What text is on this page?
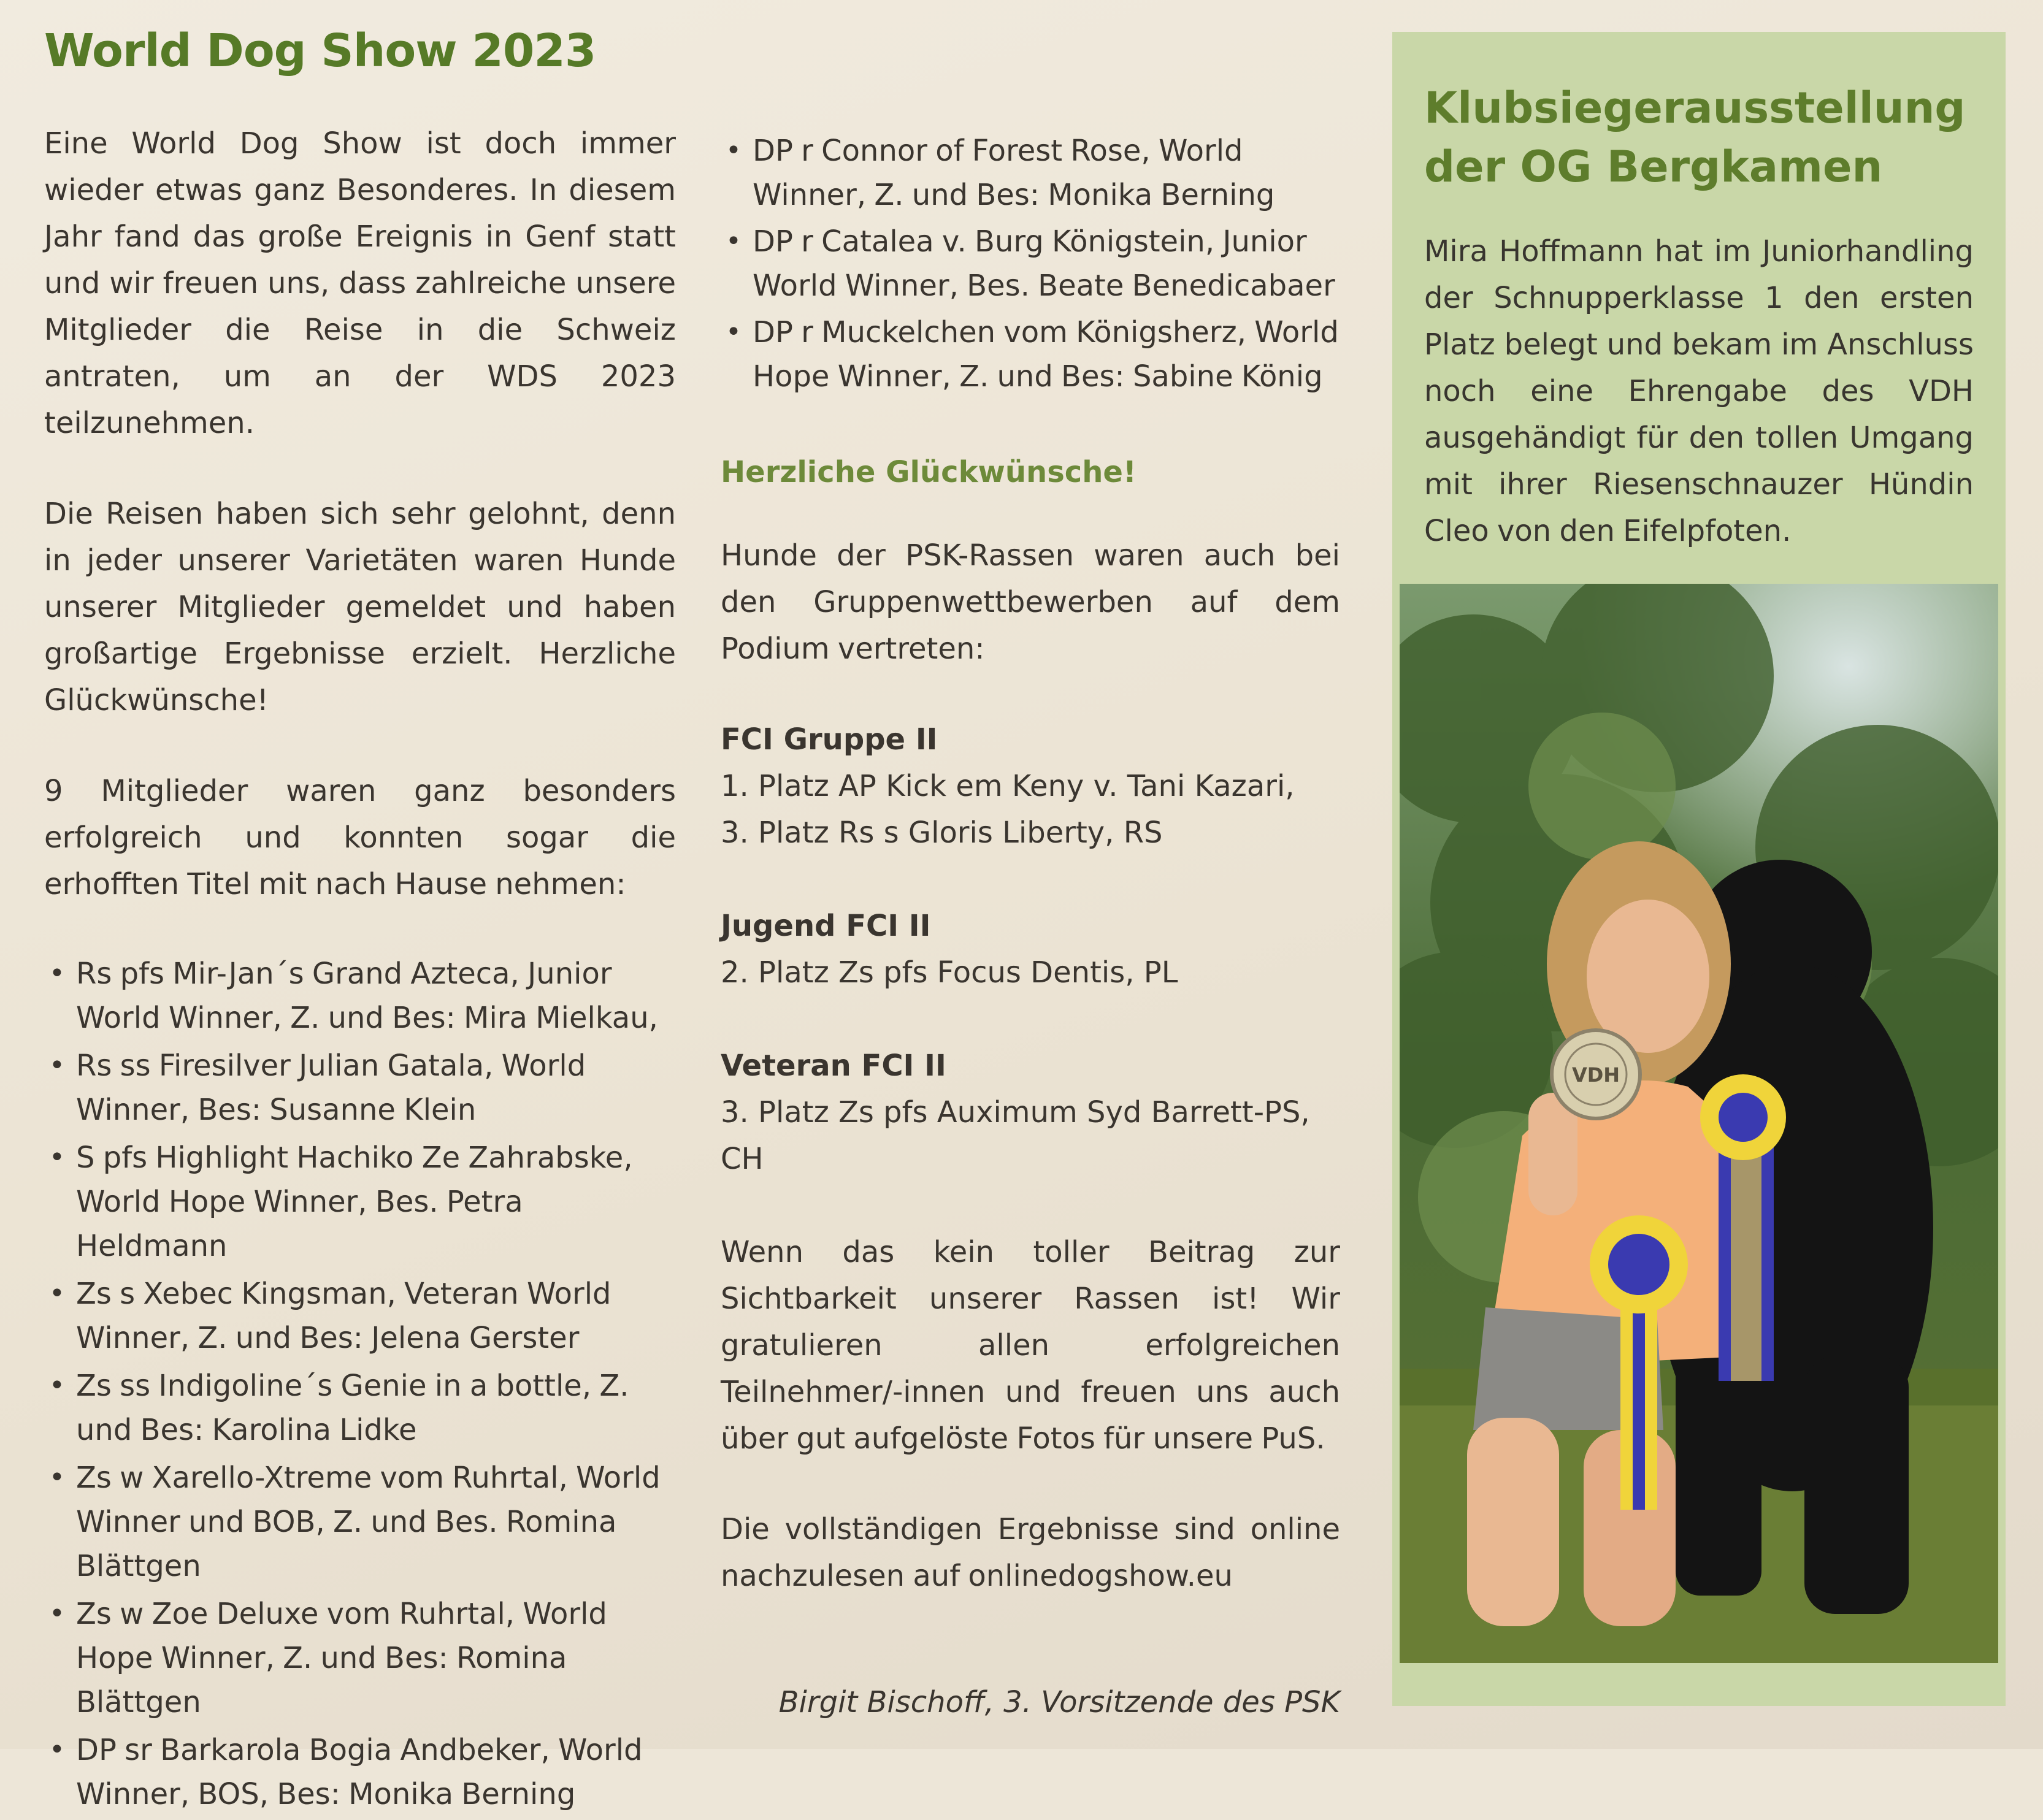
World Dog Show 2023

Eine World Dog Show ist doch immer wieder etwas ganz Besonderes. In diesem Jahr fand das große Ereignis in Genf statt und wir freuen uns, dass zahlreiche unsere Mitglieder die Reise in die Schweiz antraten, um an der WDS 2023 teilzunehmen.

Die Reisen haben sich sehr gelohnt, denn in jeder unserer Varietäten waren Hunde unserer Mitglieder gemeldet und haben großartige Ergebnisse erzielt. Herzliche Glückwünsche!

9 Mitglieder waren ganz besonders erfolgreich und konnten sogar die erhofften Titel mit nach Hause nehmen:

• Rs pfs Mir-Jan´s Grand Azteca, Junior World Winner, Z. und Bes: Mira Mielkau,
• Rs ss Firesilver Julian Gatala, World Winner, Bes: Susanne Klein
• S pfs Highlight Hachiko Ze Zahrabske, World Hope Winner, Bes. Petra Heldmann
• Zs s Xebec Kingsman, Veteran World Winner, Z. und Bes: Jelena Gerster
• Zs ss Indigoline´s Genie in a bottle, Z. und Bes: Karolina Lidke
• Zs w Xarello-Xtreme vom Ruhrtal, World Winner und BOB, Z. und Bes. Romina Blättgen
• Zs w Zoe Deluxe vom Ruhrtal, World Hope Winner, Z. und Bes: Romina Blättgen
• DP sr Barkarola Bogia Andbeker, World Winner, BOS, Bes: Monika Berning
• DP r Connor of Forest Rose, World Winner, Z. und Bes: Monika Berning
• DP r Catalea v. Burg Königstein, Junior World Winner, Bes. Beate Benedicabaer
• DP r Muckelchen vom Königsherz, World Hope Winner, Z. und Bes: Sabine König
Herzliche Glückwünsche!

Hunde der PSK-Rassen waren auch bei den Gruppenwettbewerben auf dem Podium vertreten:

FCI Gruppe II

1. Platz AP Kick em Keny v. Tani Kazari,

3. Platz Rs s Gloris Liberty, RS

Jugend FCI II

2. Platz Zs pfs Focus Dentis, PL

Veteran FCI II

3. Platz Zs pfs Auximum Syd Barrett-PS, CH

Wenn das kein toller Beitrag zur Sichtbarkeit unserer Rassen ist! Wir gratulieren allen erfolgreichen Teilnehmer/-innen und freuen uns auch über gut aufgelöste Fotos für unsere PuS.

Die vollständigen Ergebnisse sind online nachzulesen auf onlinedogshow.eu

Birgit Bischoff, 3. Vorsitzende des PSK
Klubsiegerausstellung
der OG Bergkamen

Mira Hoffmann hat im Juniorhandling der Schnupperklasse 1 den ersten Platz belegt und bekam im Anschluss noch eine Ehrengabe des VDH ausgehändigt für den tollen Umgang mit ihrer Riesenschnauzer Hündin Cleo von den Eifelpfoten.

VDH
